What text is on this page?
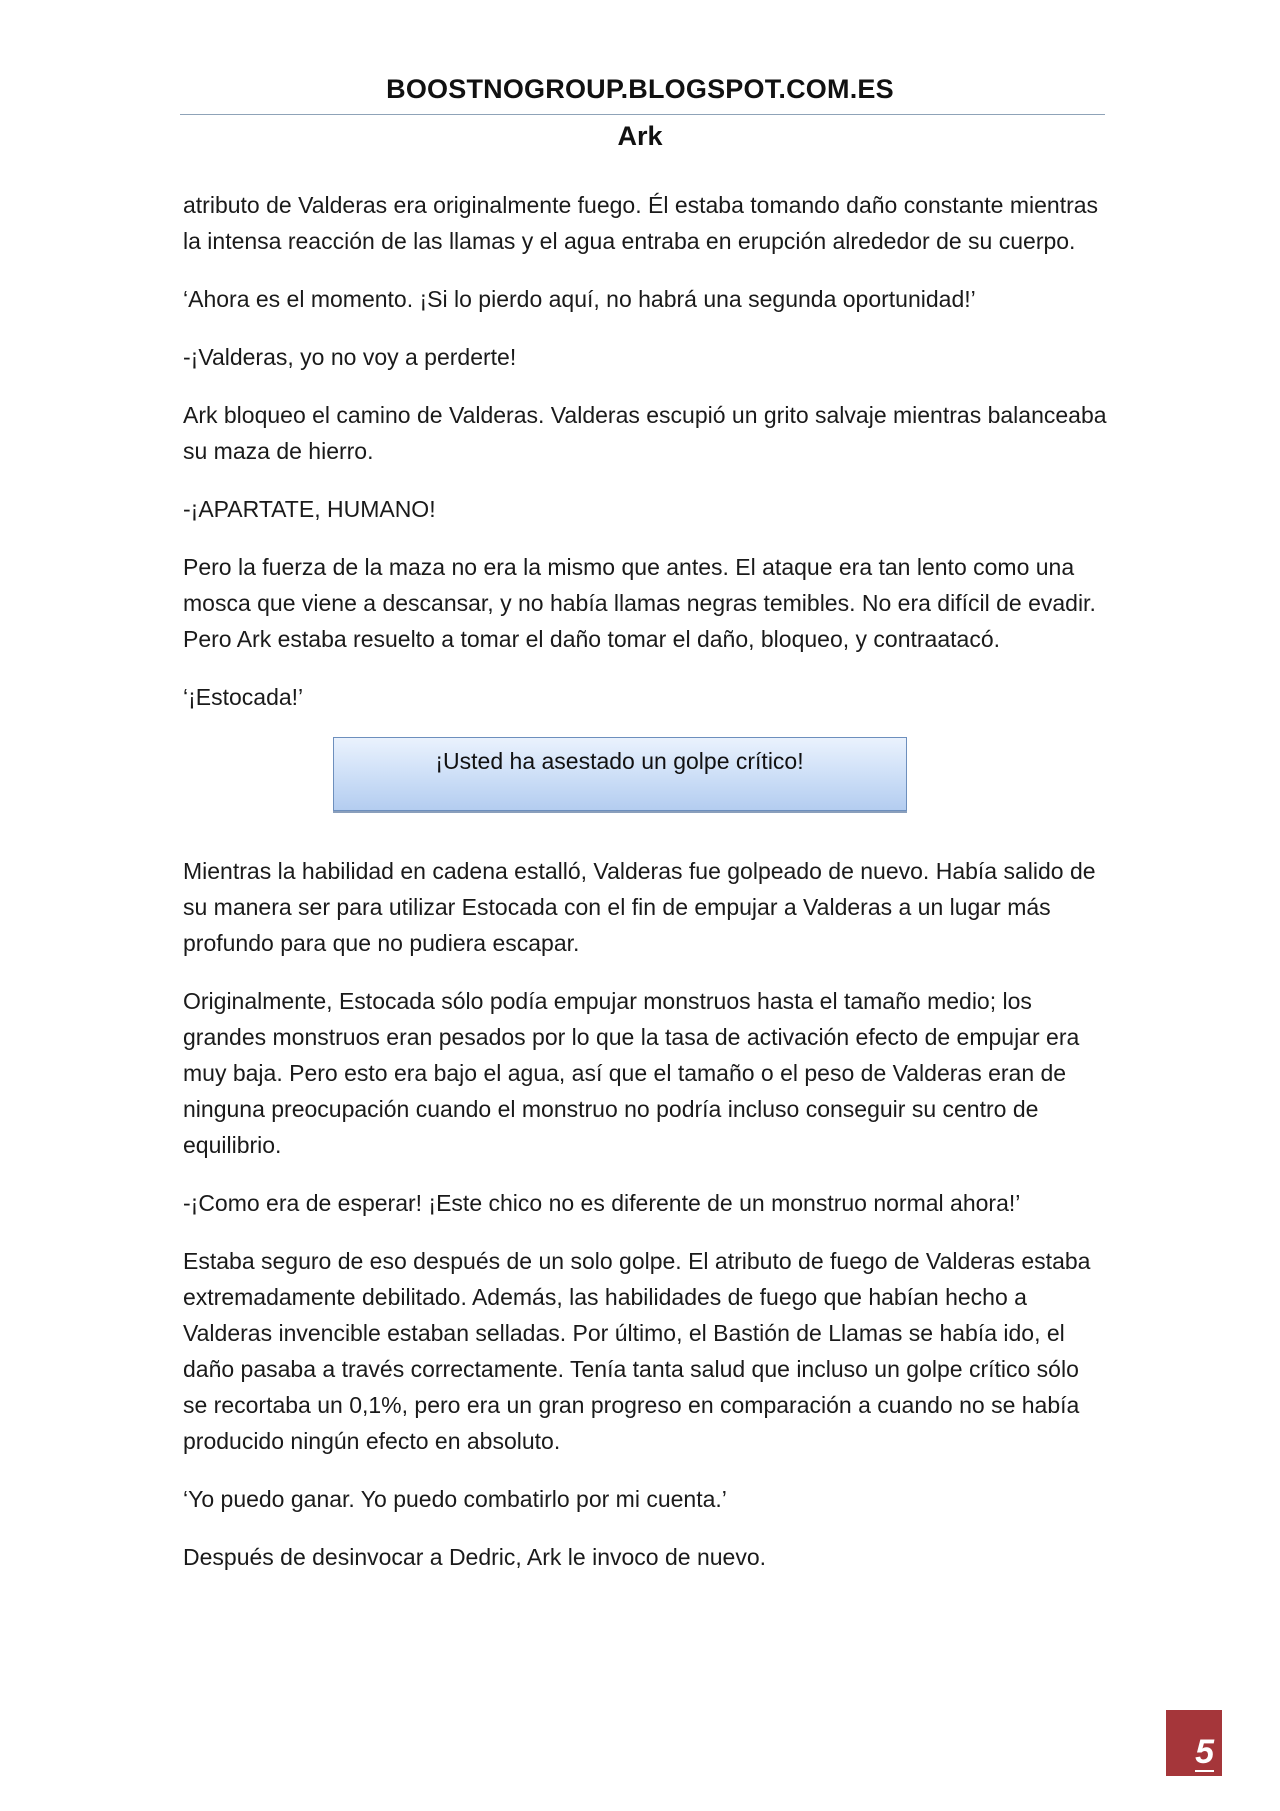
BOOSTNOGROUP.BLOGSPOT.COM.ES
Ark

atributo de Valderas era originalmente fuego. Él estaba tomando daño constante mientras la intensa reacción de las llamas y el agua entraba en erupción alrededor de su cuerpo.

‘Ahora es el momento. ¡Si lo pierdo aquí, no habrá una segunda oportunidad!’

-¡Valderas, yo no voy a perderte!

Ark bloqueo el camino de Valderas. Valderas escupió un grito salvaje mientras balanceaba su maza de hierro.

-¡APARTATE, HUMANO!

Pero la fuerza de la maza no era la mismo que antes. El ataque era tan lento como una mosca que viene a descansar, y no había llamas negras temibles. No era difícil de evadir. Pero Ark estaba resuelto a tomar el daño tomar el daño, bloqueo, y contraatacó.

‘¡Estocada!’

¡Usted ha asestado un golpe crítico!

Mientras la habilidad en cadena estalló, Valderas fue golpeado de nuevo. Había salido de su manera ser para utilizar Estocada con el fin de empujar a Valderas a un lugar más profundo para que no pudiera escapar.

Originalmente, Estocada sólo podía empujar monstruos hasta el tamaño medio; los grandes monstruos eran pesados por lo que la tasa de activación efecto de empujar era muy baja. Pero esto era bajo el agua, así que el tamaño o el peso de Valderas eran de ninguna preocupación cuando el monstruo no podría incluso conseguir su centro de equilibrio.

-¡Como era de esperar! ¡Este chico no es diferente de un monstruo normal ahora!’

Estaba seguro de eso después de un solo golpe. El atributo de fuego de Valderas estaba extremadamente debilitado. Además, las habilidades de fuego que habían hecho a Valderas invencible estaban selladas. Por último, el Bastión de Llamas se había ido, el daño pasaba a través correctamente. Tenía tanta salud que incluso un golpe crítico sólo se recortaba un 0,1%, pero era un gran progreso en comparación a cuando no se había producido ningún efecto en absoluto.

‘Yo puedo ganar. Yo puedo combatirlo por mi cuenta.’

Después de desinvocar a Dedric, Ark le invoco de nuevo.

5
